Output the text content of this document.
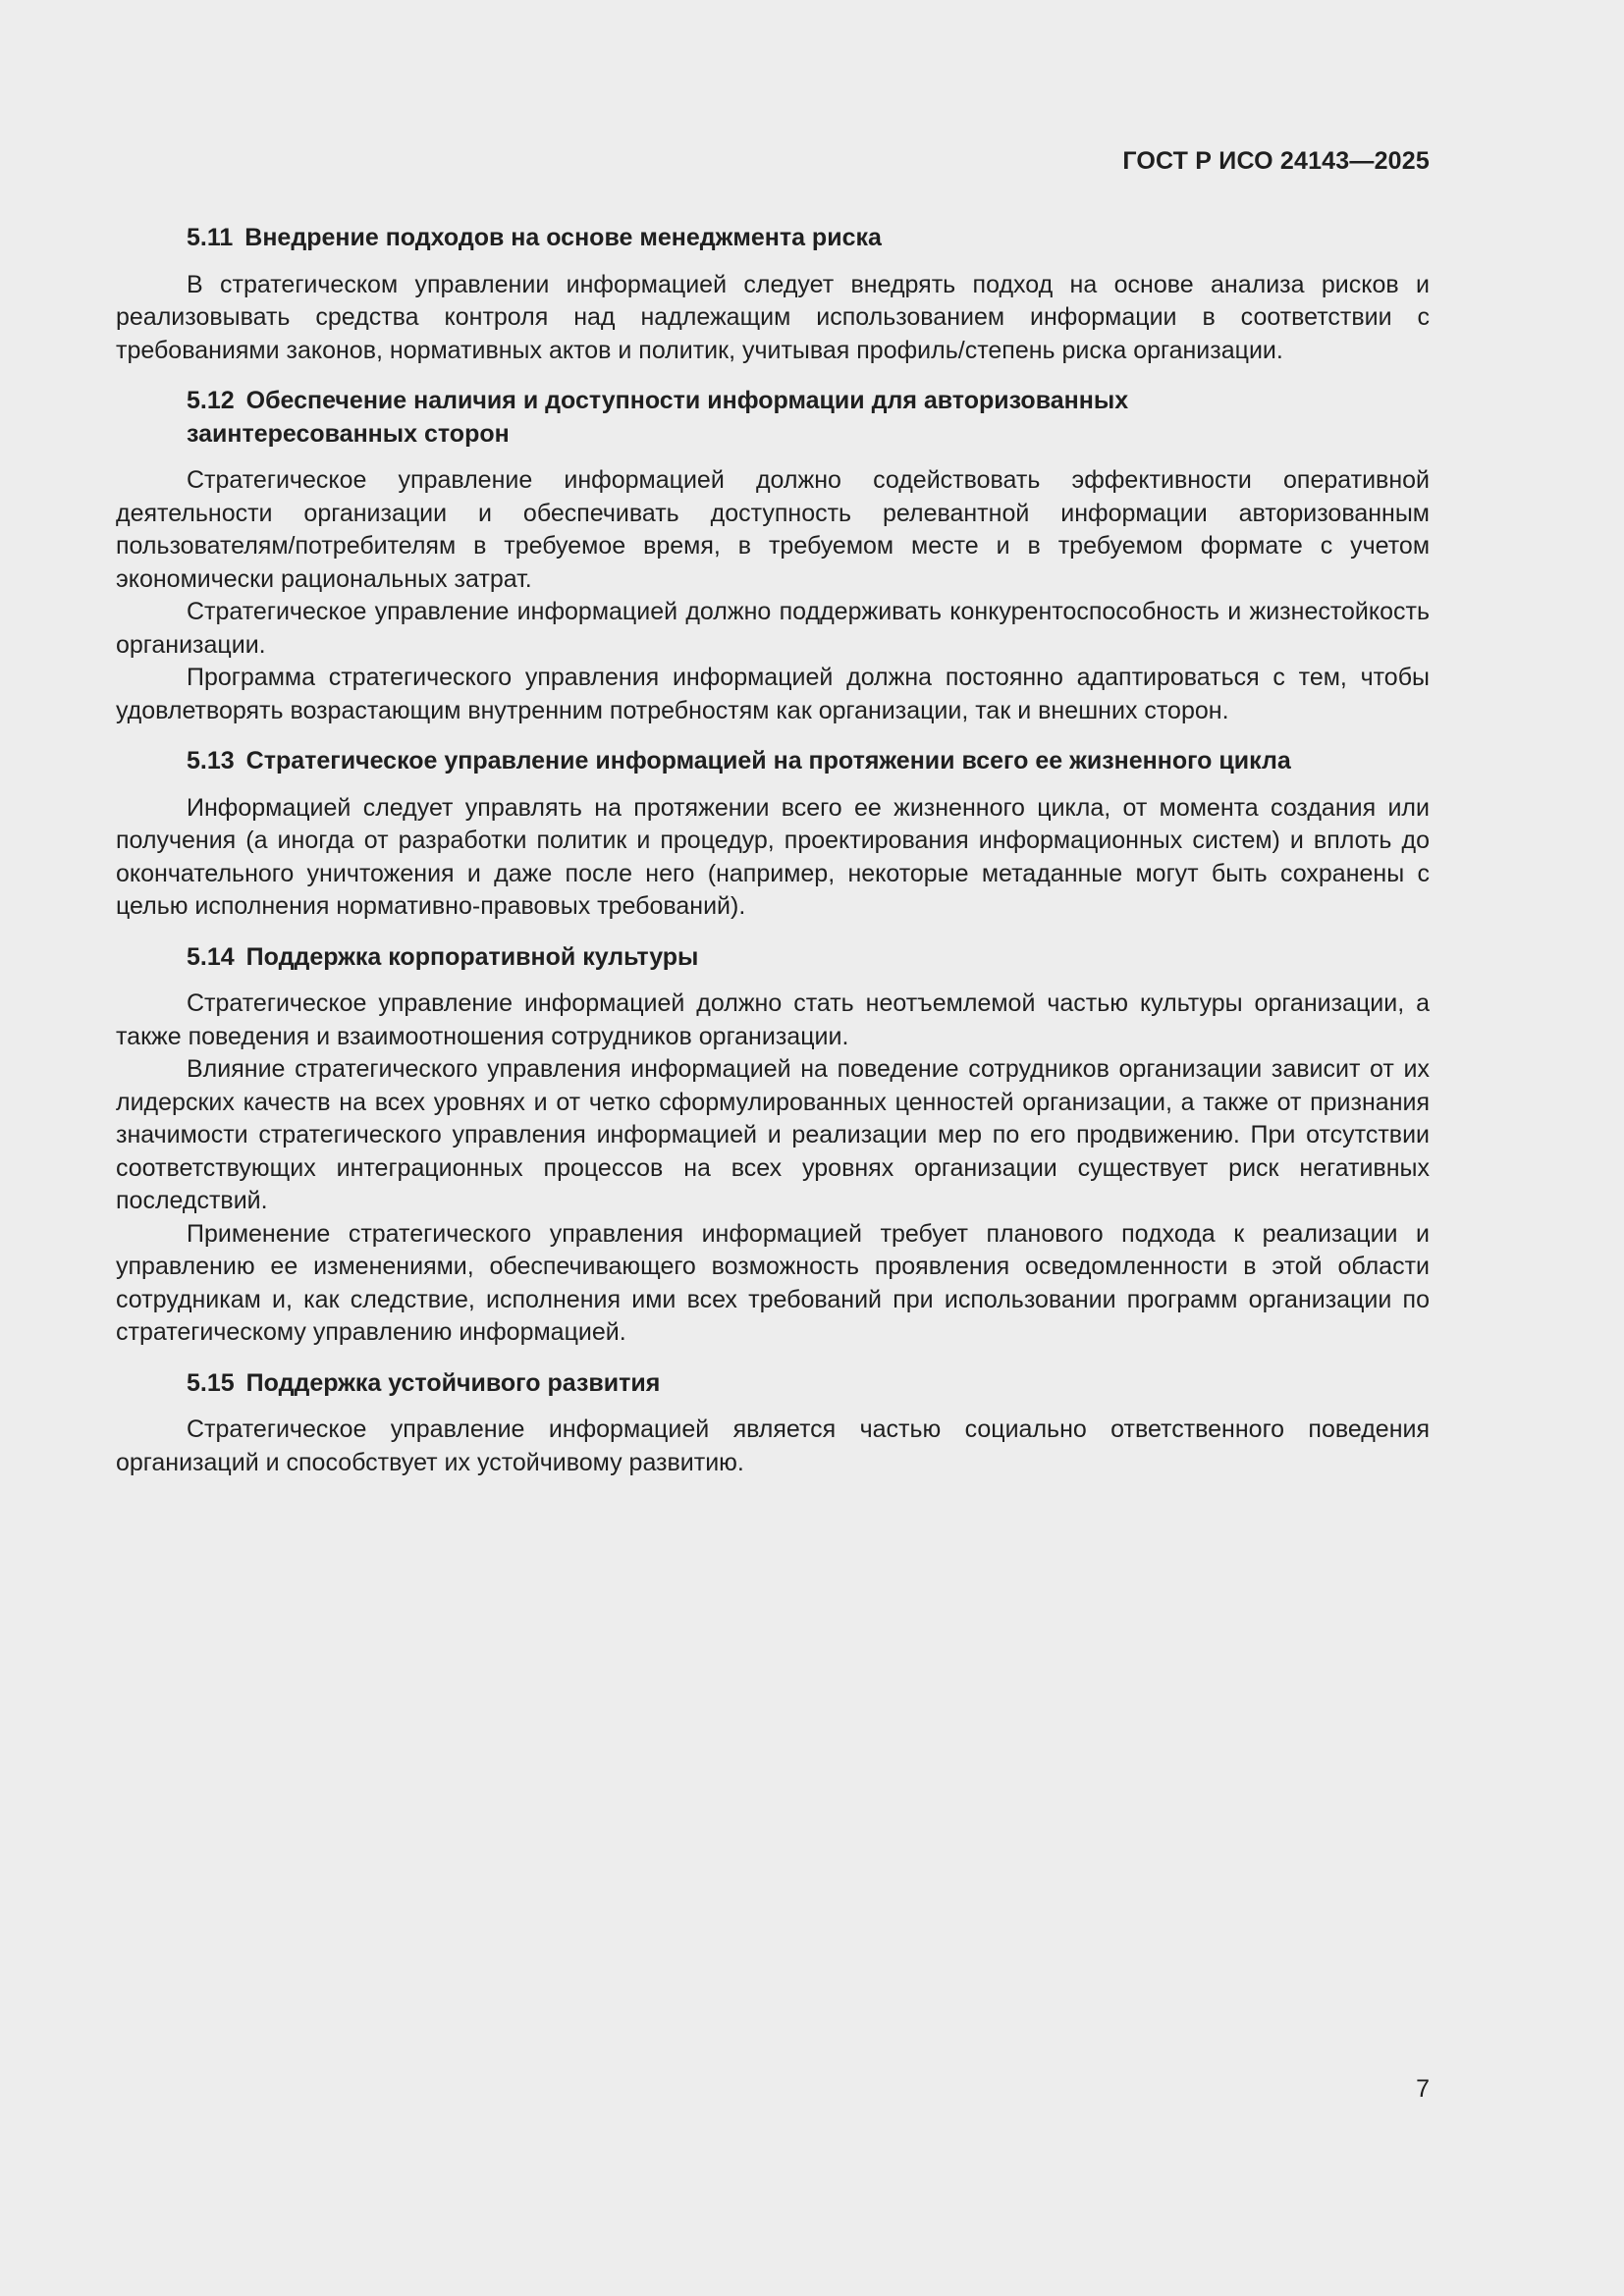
ГОСТ Р ИСО 24143—2025
5.11 Внедрение подходов на основе менеджмента риска

В стратегическом управлении информацией следует внедрять подход на основе анализа рисков и реализовывать средства контроля над надлежащим использованием информации в соответствии с требованиями законов, нормативных актов и политик, учитывая профиль/степень риска организации.

5.12 Обеспечение наличия и доступности информации для авторизованных
заинтересованных сторон

Стратегическое управление информацией должно содействовать эффективности оперативной деятельности организации и обеспечивать доступность релевантной информации авторизованным пользователям/потребителям в требуемое время, в требуемом месте и в требуемом формате с учетом экономически рациональных затрат.

Стратегическое управление информацией должно поддерживать конкурентоспособность и жизнестойкость организации.

Программа стратегического управления информацией должна постоянно адаптироваться с тем, чтобы удовлетворять возрастающим внутренним потребностям как организации, так и внешних сторон.

5.13 Стратегическое управление информацией на протяжении всего ее жизненного цикла

Информацией следует управлять на протяжении всего ее жизненного цикла, от момента создания или получения (а иногда от разработки политик и процедур, проектирования информационных систем) и вплоть до окончательного уничтожения и даже после него (например, некоторые метаданные могут быть сохранены с целью исполнения нормативно-правовых требований).

5.14 Поддержка корпоративной культуры

Стратегическое управление информацией должно стать неотъемлемой частью культуры организации, а также поведения и взаимоотношения сотрудников организации.

Влияние стратегического управления информацией на поведение сотрудников организации зависит от их лидерских качеств на всех уровнях и от четко сформулированных ценностей организации, а также от признания значимости стратегического управления информацией и реализации мер по его продвижению. При отсутствии соответствующих интеграционных процессов на всех уровнях организации существует риск негативных последствий.

Применение стратегического управления информацией требует планового подхода к реализации и управлению ее изменениями, обеспечивающего возможность проявления осведомленности в этой области сотрудникам и, как следствие, исполнения ими всех требований при использовании программ организации по стратегическому управлению информацией.

5.15 Поддержка устойчивого развития

Стратегическое управление информацией является частью социально ответственного поведения организаций и способствует их устойчивому развитию.

7
